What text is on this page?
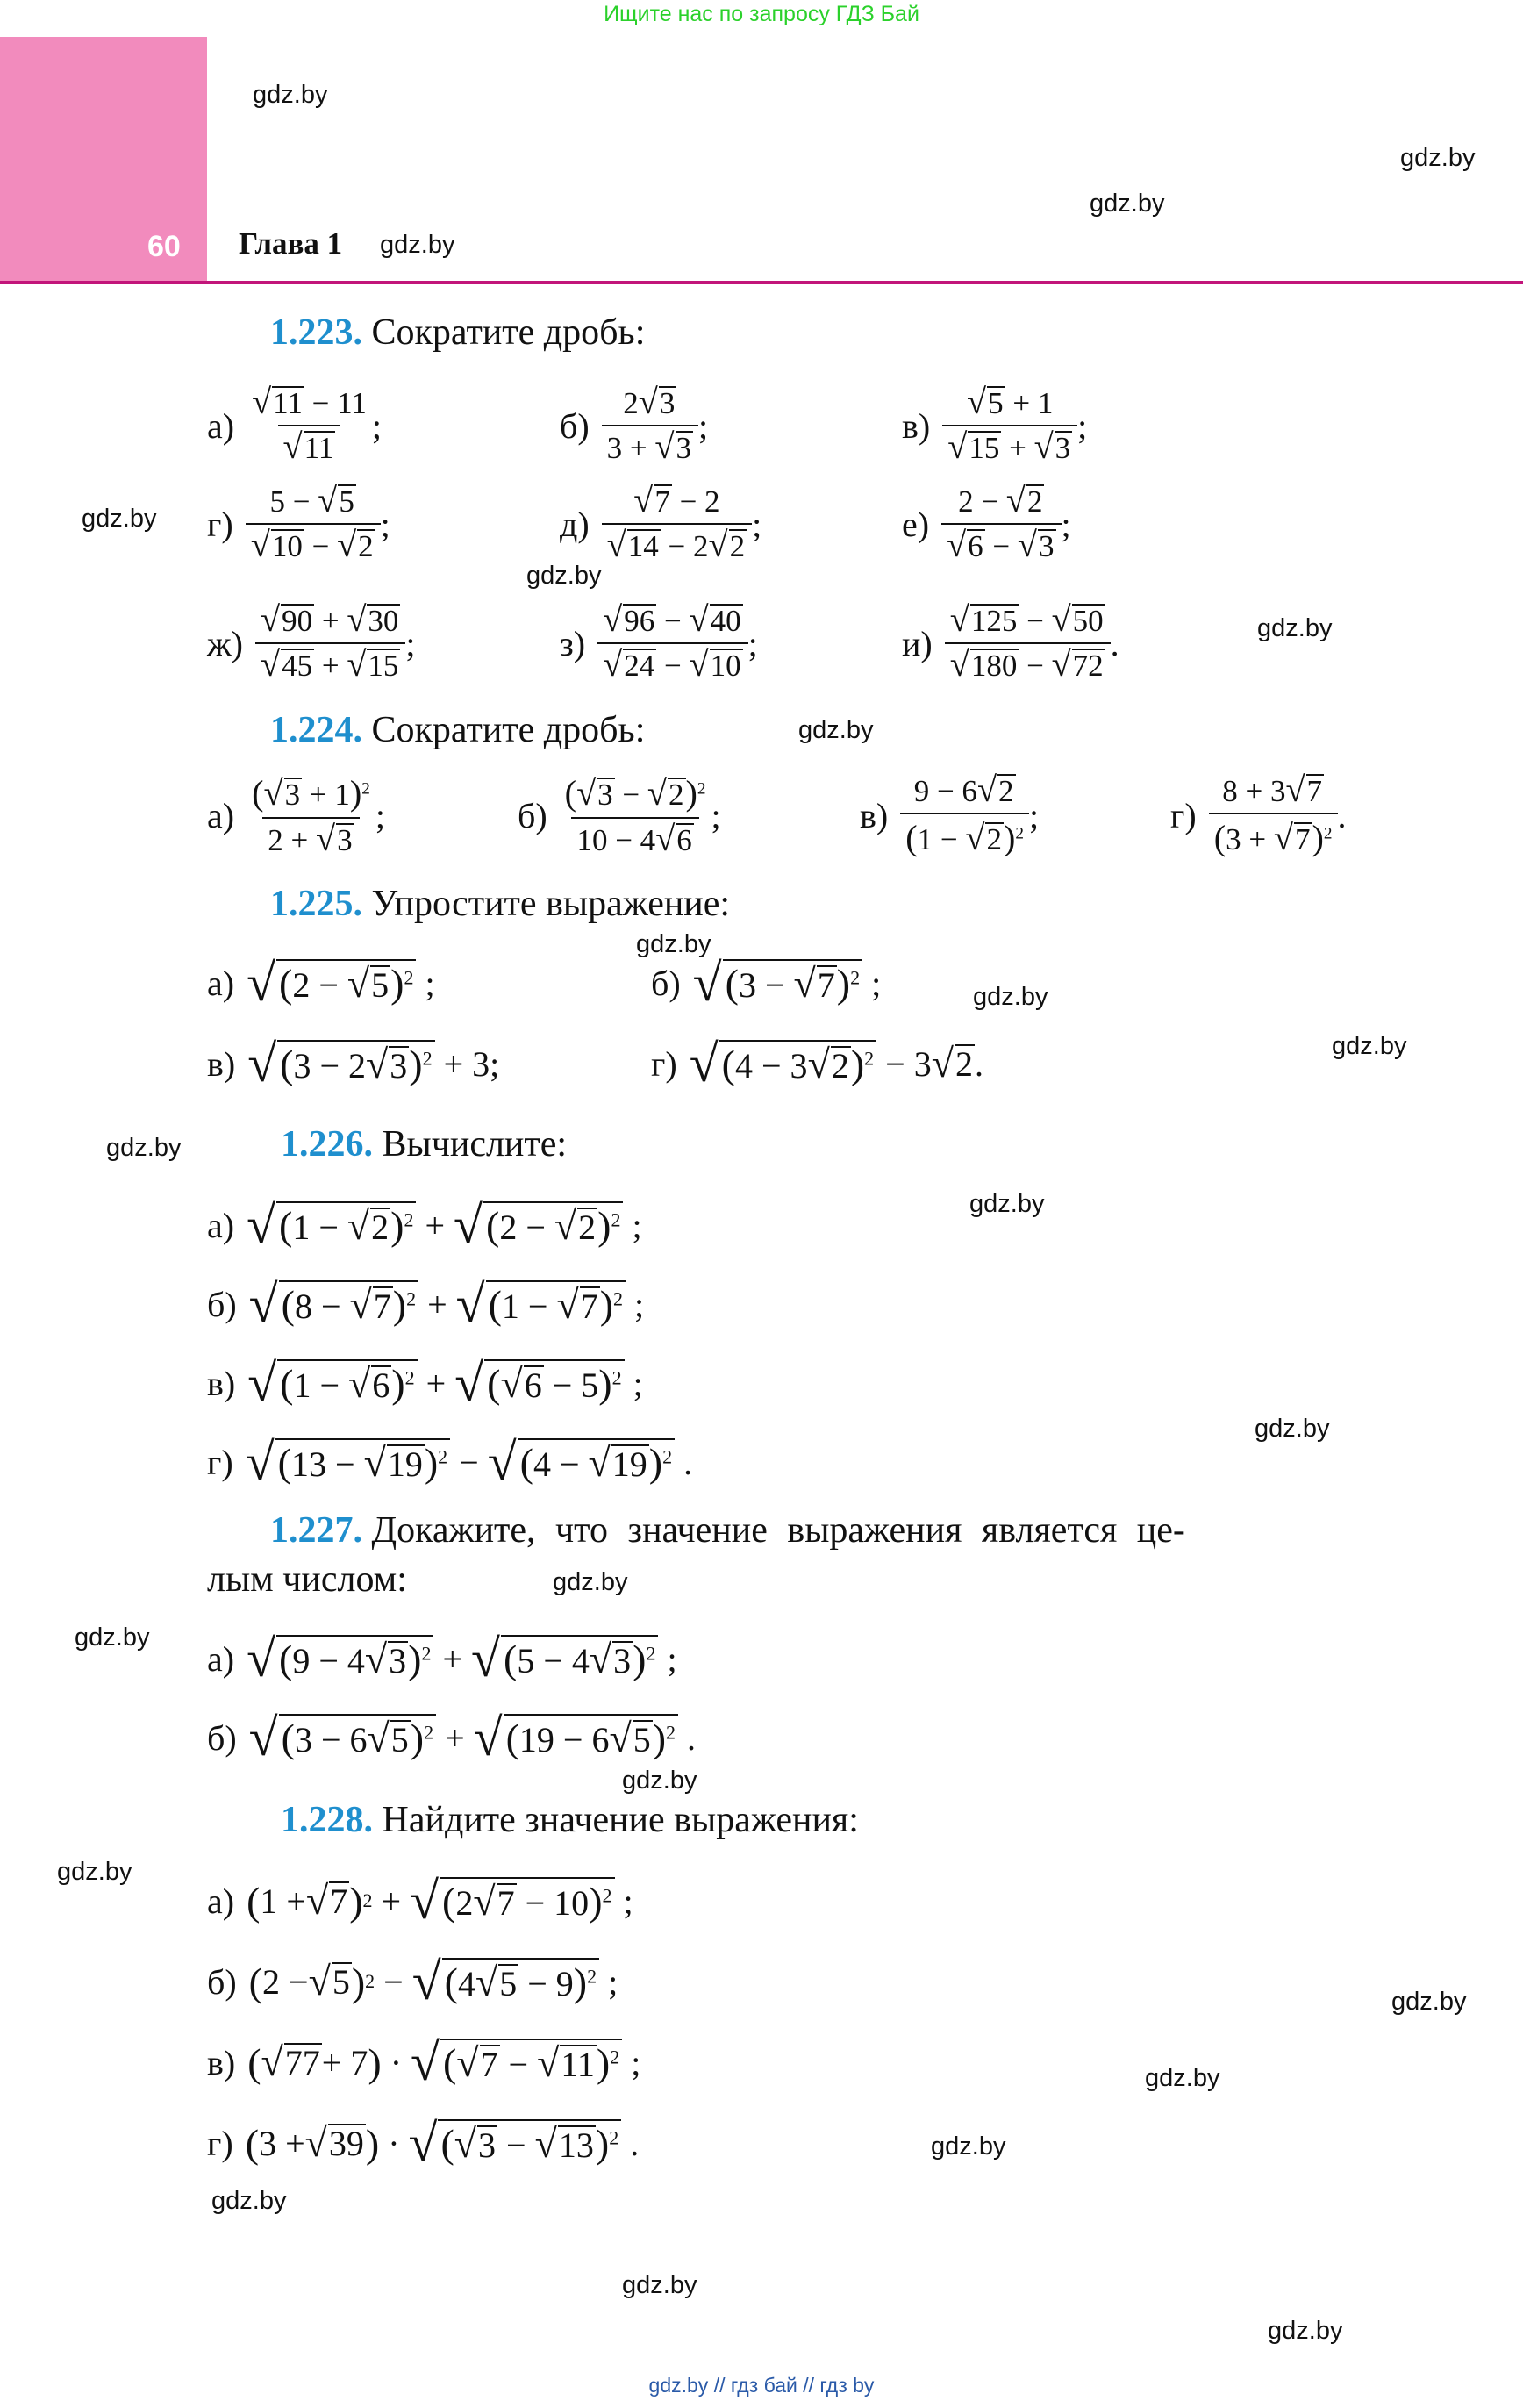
Ищите нас по запросу ГДЗ Бай
60 Глава 1
gdz.by
gdz.by
gdz.by
gdz.by
gdz.by
gdz.by
gdz.by
gdz.by
gdz.by
gdz.by
gdz.by
gdz.by
gdz.by
gdz.by
gdz.by
gdz.by
gdz.by
gdz.by
gdz.by
gdz.by
gdz.by
gdz.by
gdz.by
gdz.by
1.223. Сократите дробь:
$а) \frac{√11 - 11}{√11}$ ;	$б) \frac{2√3}{3 + √3}$ ;	$в) \frac{√5 + 1}{√15 + √3}$ ;
$г) \frac{5 - √5}{√10 - √2}$ ;	$д) \frac{√7 - 2}{√14 - 2√2}$ ;	$е) \frac{2 - √2}{√6 - √3}$ ;
$ж) \frac{√90 + √30}{√45 + √15}$ ;	$з) \frac{√96 - √40}{√24 - √10}$ ;	$и) \frac{√125 - √50}{√180 - √72}$ .
1.224. Сократите дробь:
$а) \frac{(√3 + 1)^2}{2 + √3}$ ;	$б) \frac{(√3 - √2)^2}{10 - 4√6}$ ;	$в) \frac{9 - 6√2}{(1 - √2)^2}$ ;	$г) \frac{8 + 3√7}{(3 + √7)^2}$ .
1.225. Упростите выражение:
а) √ $(2 - √5)^2$ ;	б) √ $(3 - √7)^2$ ;
в) √ $(3 - 2√3)^2 + 3$;	г) √ $(4 - 3√2)^2 - 3$ √ 2 .
1.226. Вычислите:
а) √ $(1 - √2)^2$ + √ $(2 - √2)^2$ ;
б) √ $(8 - √7)^2$ + √ $(1 - √7)^2$ ;
в) √ $(1 - √6)^2$ + √ $(√6 - 5)^2$ ;
г) √ $(13 - √19)^2$ − √ $(4 - √19)^2$ .
1.227. Докажите, что значение выражения является це-
лым числом:
а) √ $(9 - 4√3)^2$ + √ $(5 - 4√3)^2$ ;
б) √ $(3 - 6√5)^2$ + √ $(19 - 6√5)^2$ .
1.228. Найдите значение выражения:
а) ( 1 + √ 7 ) 2 + √ $(2√7 - 10)^2$ ;
б) ( 2 − √ 5 ) 2 − √ $(4√5 - 9)^2$ ;
в) ( √ 77 + 7 ) · √ $(√7 - √11)^2$ ;
г) ( 3 + √ 39 ) · √ $(√3 - √13)^2$ .
gdz.by // гдз бай // гдз by
